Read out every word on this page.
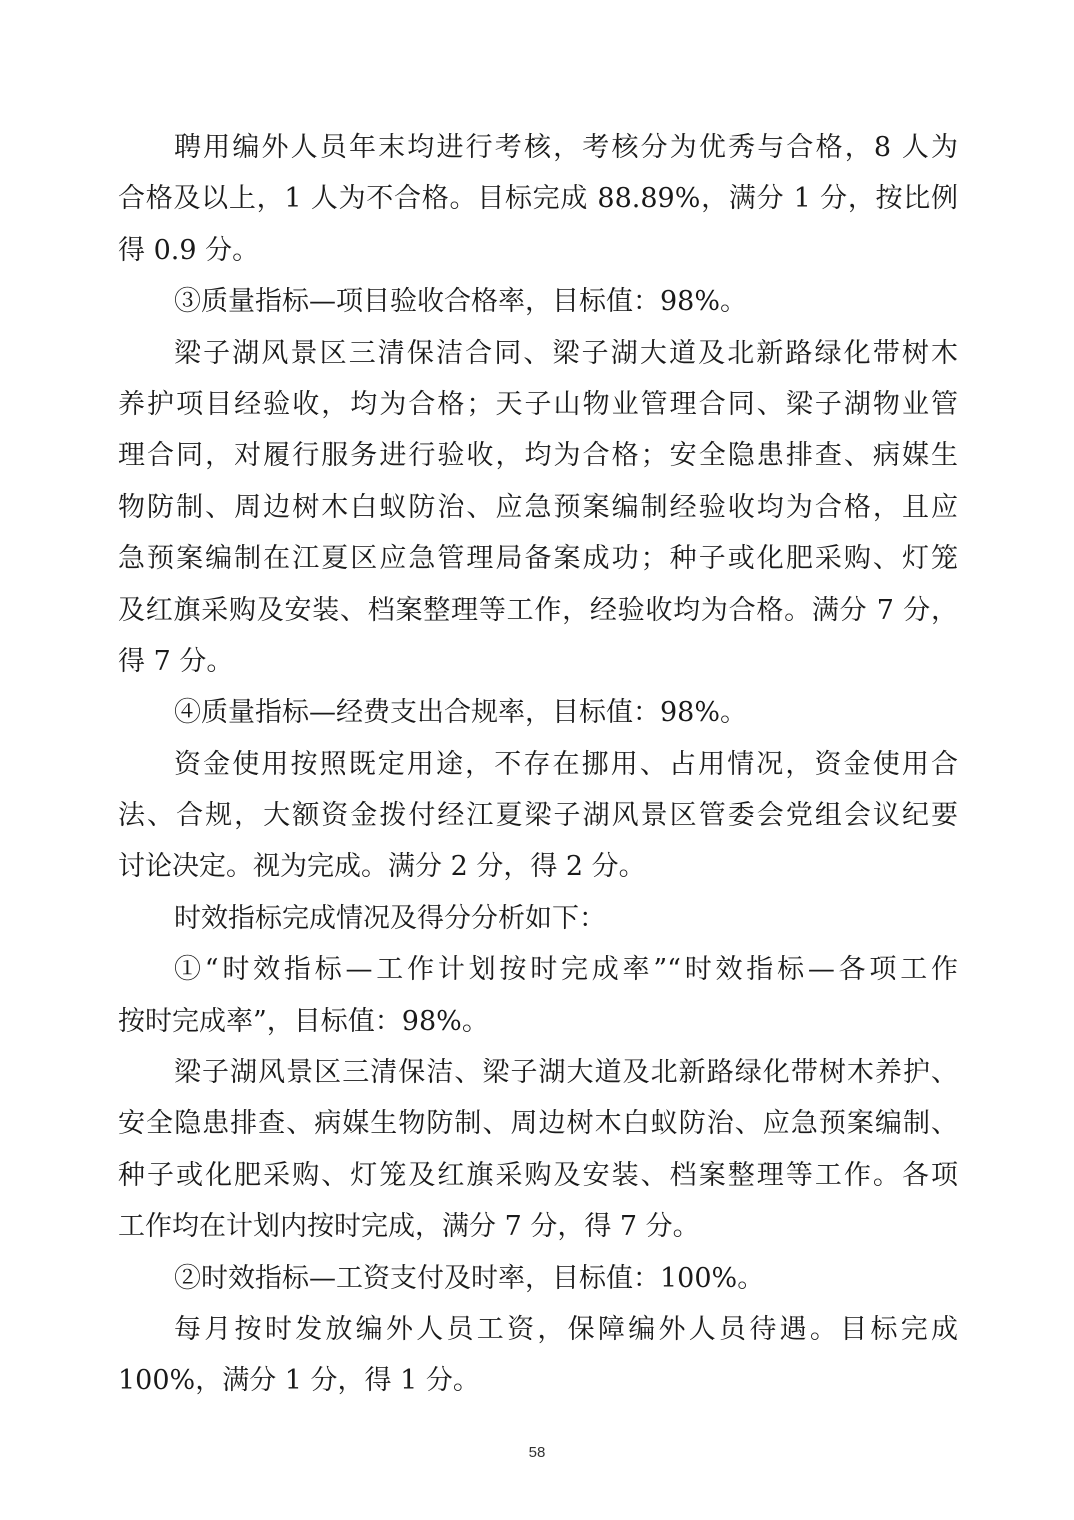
聘用编外人员年末均进行考核，考核分为优秀与合格，8 人为
合格及以上，1 人为不合格。目标完成 88.89%，满分 1 分，按比例
得 0.9 分。
③质量指标—项目验收合格率，目标值：98%。
梁子湖风景区三清保洁合同、梁子湖大道及北新路绿化带树木
养护项目经验收，均为合格；天子山物业管理合同、梁子湖物业管
理合同，对履行服务进行验收，均为合格；安全隐患排查、病媒生
物防制、周边树木白蚁防治、应急预案编制经验收均为合格，且应
急预案编制在江夏区应急管理局备案成功；种子或化肥采购、灯笼
及红旗采购及安装、档案整理等工作，经验收均为合格。满分 7 分，
得 7 分。
④质量指标—经费支出合规率，目标值：98%。
资金使用按照既定用途，不存在挪用、占用情况，资金使用合
法、合规，大额资金拨付经江夏梁子湖风景区管委会党组会议纪要
讨论决定。视为完成。满分 2 分，得 2 分。
时效指标完成情况及得分分析如下：
①“时效指标—工作计划按时完成率”“时效指标—各项工作
按时完成率”，目标值：98%。
梁子湖风景区三清保洁、梁子湖大道及北新路绿化带树木养护、
安全隐患排查、病媒生物防制、周边树木白蚁防治、应急预案编制、
种子或化肥采购、灯笼及红旗采购及安装、档案整理等工作。各项
工作均在计划内按时完成，满分 7 分，得 7 分。
②时效指标—工资支付及时率，目标值：100%。
每月按时发放编外人员工资，保障编外人员待遇。目标完成
100%，满分 1 分，得 1 分。
58
